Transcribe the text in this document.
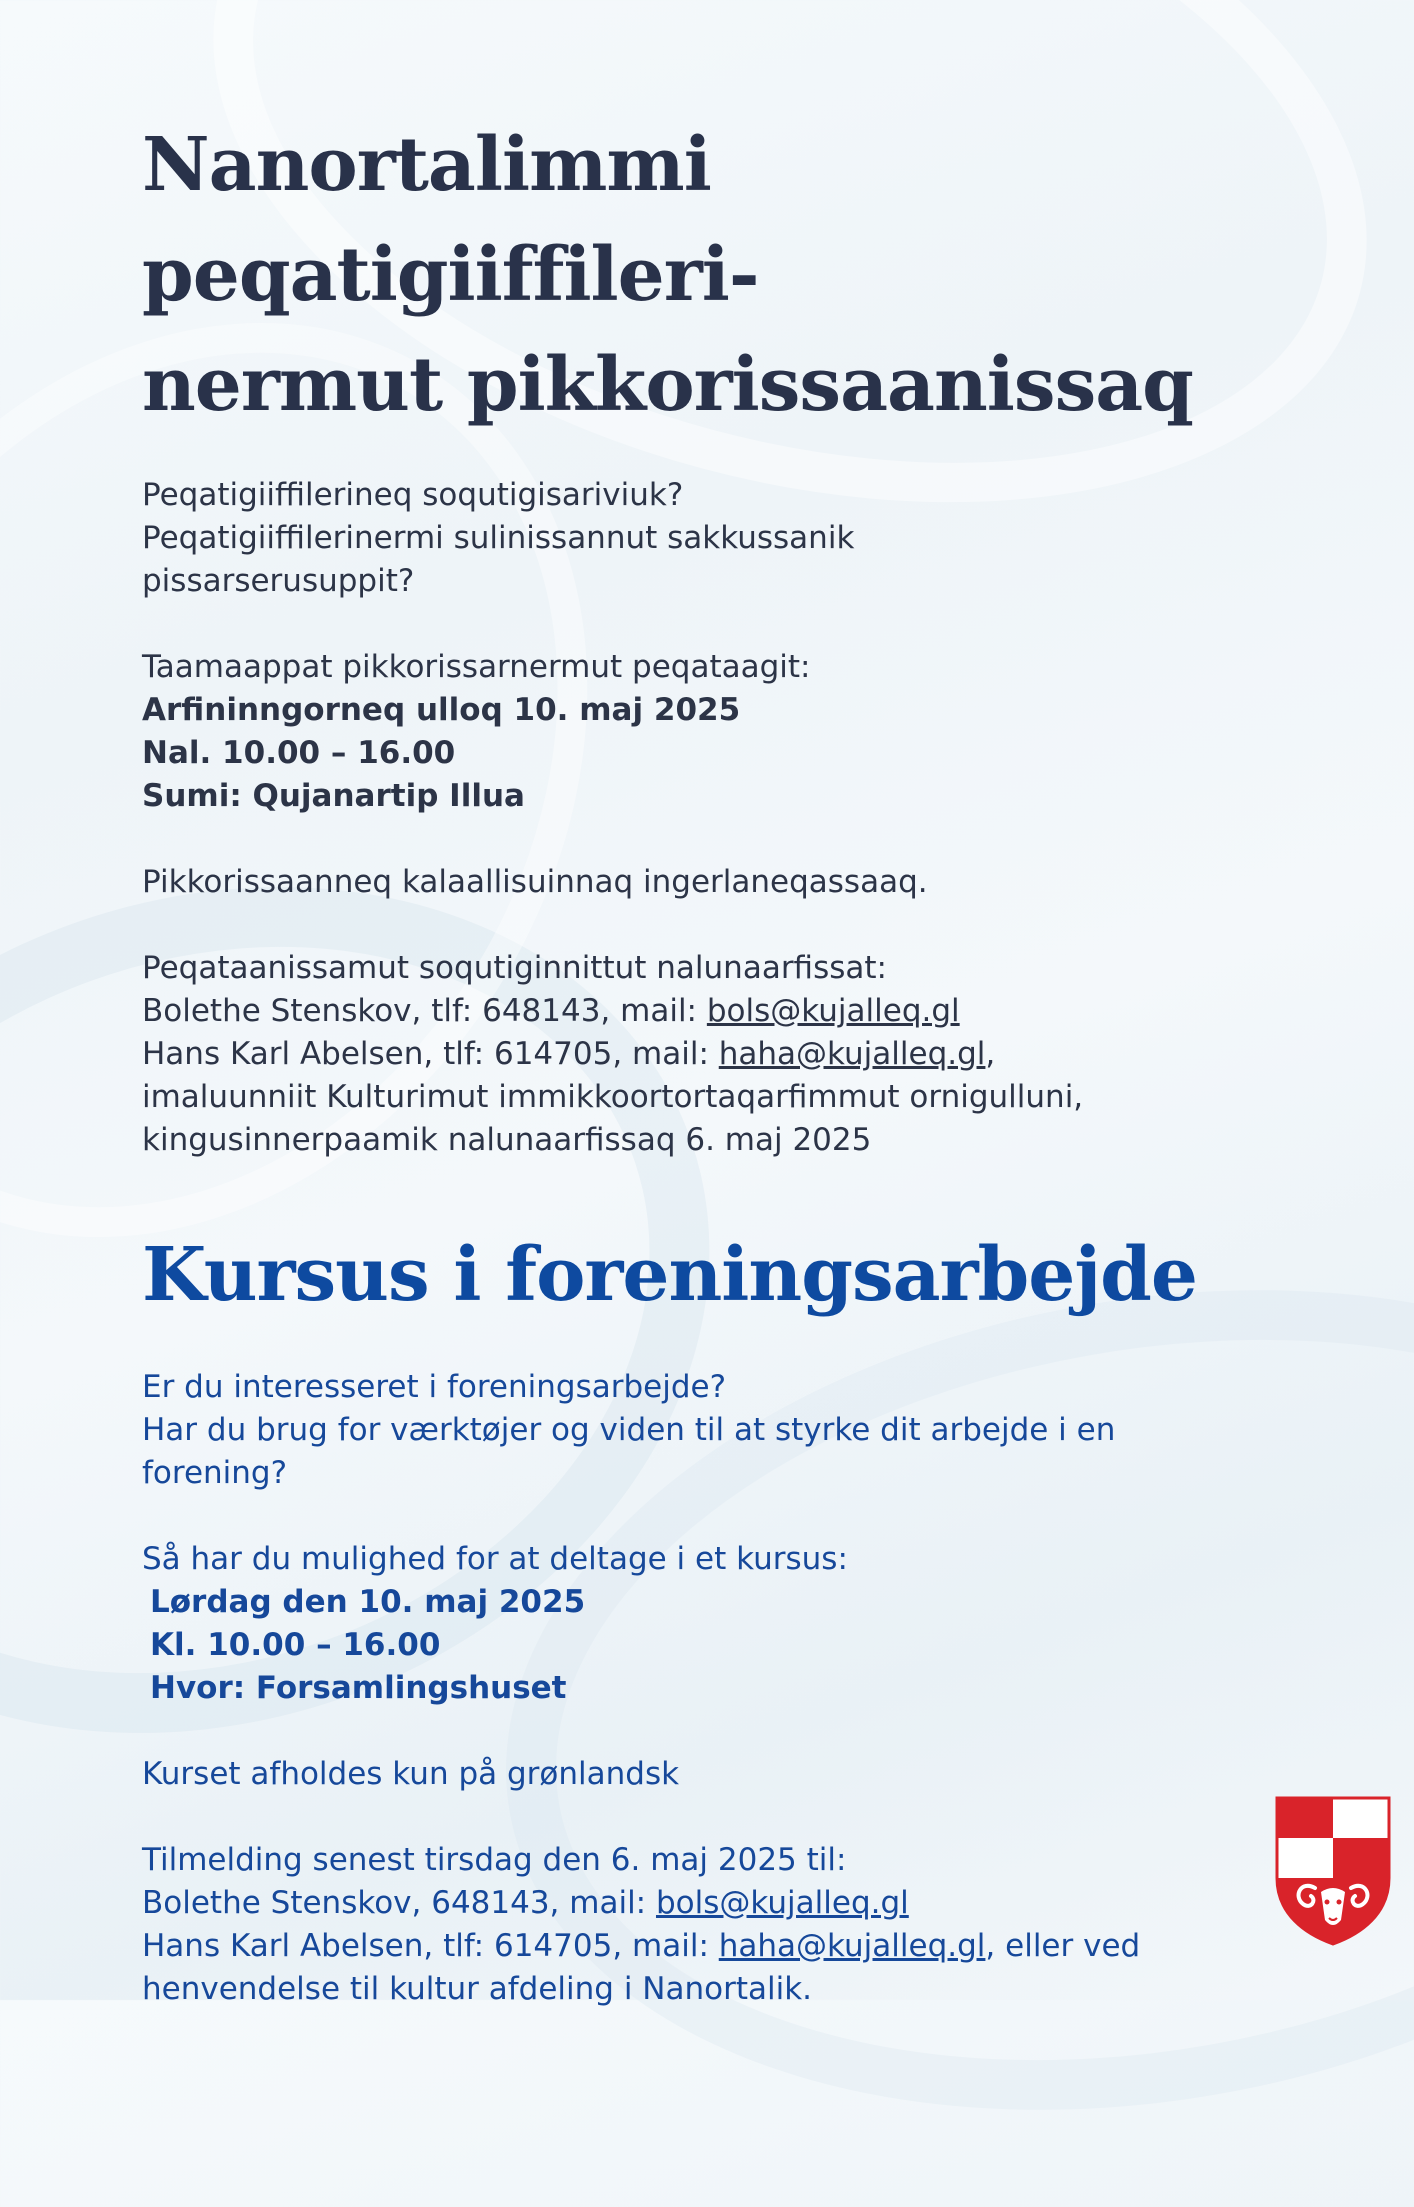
Nanortalimmi peqatigiiffileri-
nermut pikkorissaanissaq

Peqatigiiffilerineq soqutigisariviuk?

Peqatigiiffilerinermi sulinissannut sakkussanik

pissarserusuppit?

Taamaappat pikkorissarnermut peqataagit:

Arfininngorneq ulloq 10. maj 2025

Nal. 10.00 – 16.00

Sumi: Qujanartip Illua

Pikkorissaanneq kalaallisuinnaq ingerlaneqassaaq.

Peqataanissamut soqutiginnittut nalunaarfissat:

Bolethe Stenskov, tlf: 648143, mail: bols@kujalleq.gl

Hans Karl Abelsen, tlf: 614705, mail: haha@kujalleq.gl,

imaluunniit Kulturimut immikkoortortaqarfimmut ornigulluni,

kingusinnerpaamik nalunaarfissaq 6. maj 2025

Kursus i foreningsarbejde

Er du interesseret i foreningsarbejde?

Har du brug for værktøjer og viden til at styrke dit arbejde i en

forening?

Så har du mulighed for at deltage i et kursus:

Lørdag den 10. maj 2025

Kl. 10.00 – 16.00

Hvor: Forsamlingshuset

Kurset afholdes kun på grønlandsk

Tilmelding senest tirsdag den 6. maj 2025 til:

Bolethe Stenskov, 648143, mail: bols@kujalleq.gl

Hans Karl Abelsen, tlf: 614705, mail: haha@kujalleq.gl, eller ved

henvendelse til kultur afdeling i Nanortalik.
